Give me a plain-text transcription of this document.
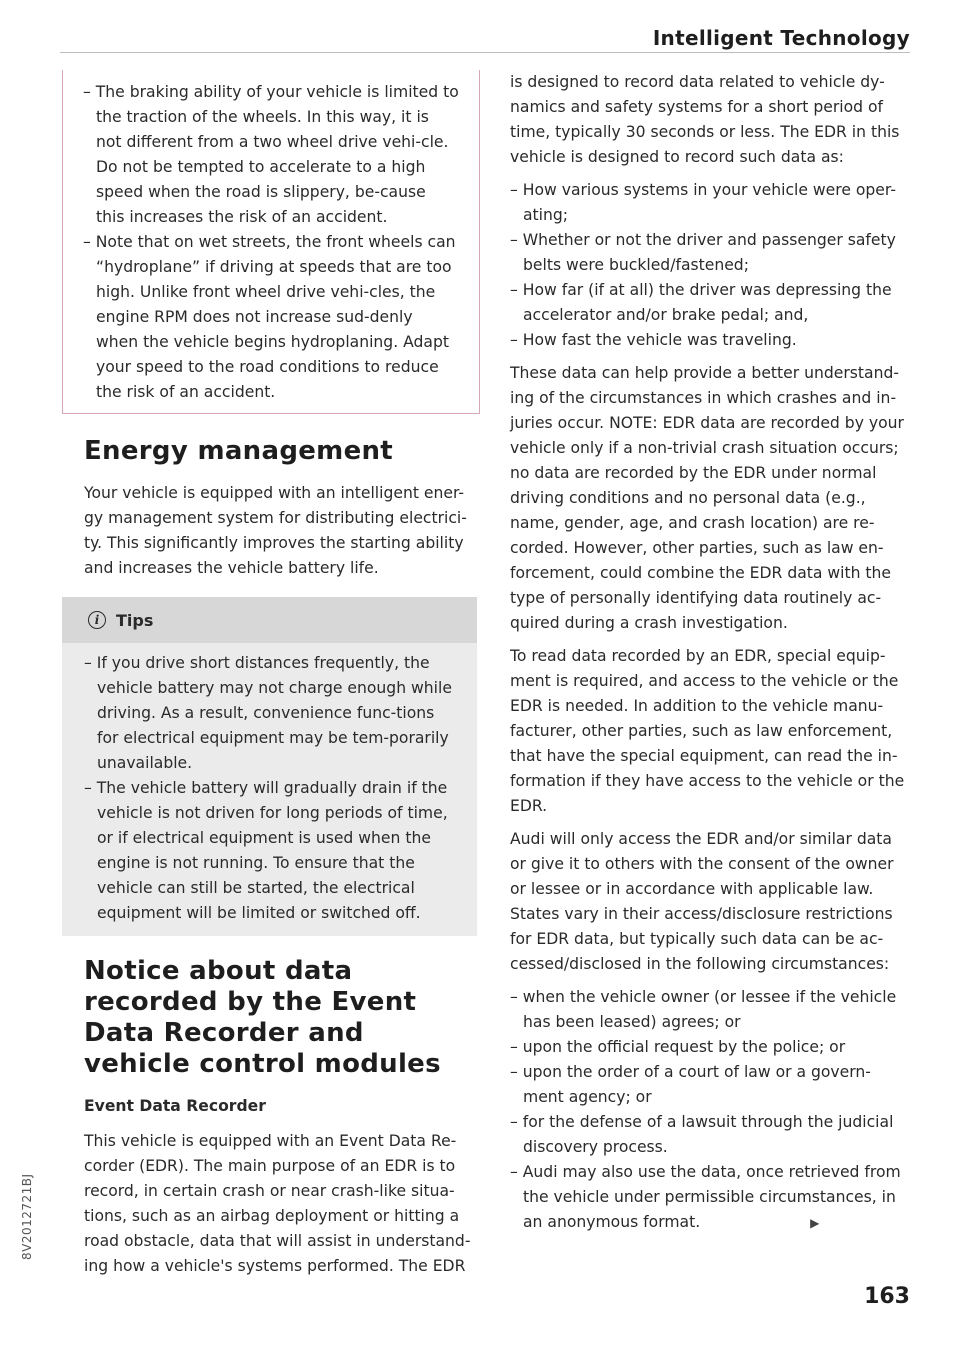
Intelligent Technology

– The braking ability of your vehicle is limited to the traction of the wheels. In this way, it is not different from a two wheel drive vehi-cle. Do not be tempted to accelerate to a high speed when the road is slippery, be-cause this increases the risk of an accident.

– Note that on wet streets, the front wheels can “hydroplane” if driving at speeds that are too high. Unlike front wheel drive vehi-cles, the engine RPM does not increase sud-denly when the vehicle begins hydroplaning. Adapt your speed to the road conditions to reduce the risk of an accident.

Energy management

Your vehicle is equipped with an intelligent ener-gy management system for distributing electrici-ty. This significantly improves the starting ability and increases the vehicle battery life.

i	Tips

– If you drive short distances frequently, the vehicle battery may not charge enough while driving. As a result, convenience func-tions for electrical equipment may be tem-porarily unavailable.

– The vehicle battery will gradually drain if the vehicle is not driven for long periods of time, or if electrical equipment is used when the engine is not running. To ensure that the vehicle can still be started, the electrical equipment will be limited or switched off.

Notice about data recorded by the Event Data Recorder and vehicle control modules
Event Data Recorder

This vehicle is equipped with an Event Data Re-corder (EDR). The main purpose of an EDR is to record, in certain crash or near crash-like situa-tions, such as an airbag deployment or hitting a road obstacle, data that will assist in understand-ing how a vehicle's systems performed. The EDR

is designed to record data related to vehicle dy-namics and safety systems for a short period of time, typically 30 seconds or less. The EDR in this vehicle is designed to record such data as:

– How various systems in your vehicle were oper-ating;

– Whether or not the driver and passenger safety belts were buckled/fastened;

– How far (if at all) the driver was depressing the accelerator and/or brake pedal; and,

– How fast the vehicle was traveling.

These data can help provide a better understand-ing of the circumstances in which crashes and in-juries occur. NOTE: EDR data are recorded by your vehicle only if a non-trivial crash situation occurs; no data are recorded by the EDR under normal driving conditions and no personal data (e.g., name, gender, age, and crash location) are re-corded. However, other parties, such as law en-forcement, could combine the EDR data with the type of personally identifying data routinely ac-quired during a crash investigation.

To read data recorded by an EDR, special equip-ment is required, and access to the vehicle or the EDR is needed. In addition to the vehicle manu-facturer, other parties, such as law enforcement, that have the special equipment, can read the in-formation if they have access to the vehicle or the EDR.

Audi will only access the EDR and/or similar data or give it to others with the consent of the owner or lessee or in accordance with applicable law. States vary in their access/disclosure restrictions for EDR data, but typically such data can be ac-cessed/disclosed in the following circumstances:

– when the vehicle owner (or lessee if the vehicle has been leased) agrees; or

– upon the official request by the police; or

– upon the order of a court of law or a govern-ment agency; or

– for the defense of a lawsuit through the judicial discovery process.

– Audi may also use the data, once retrieved from the vehicle under permissible circumstances, in an anonymous format.	▶

163
8V2012721BJ
